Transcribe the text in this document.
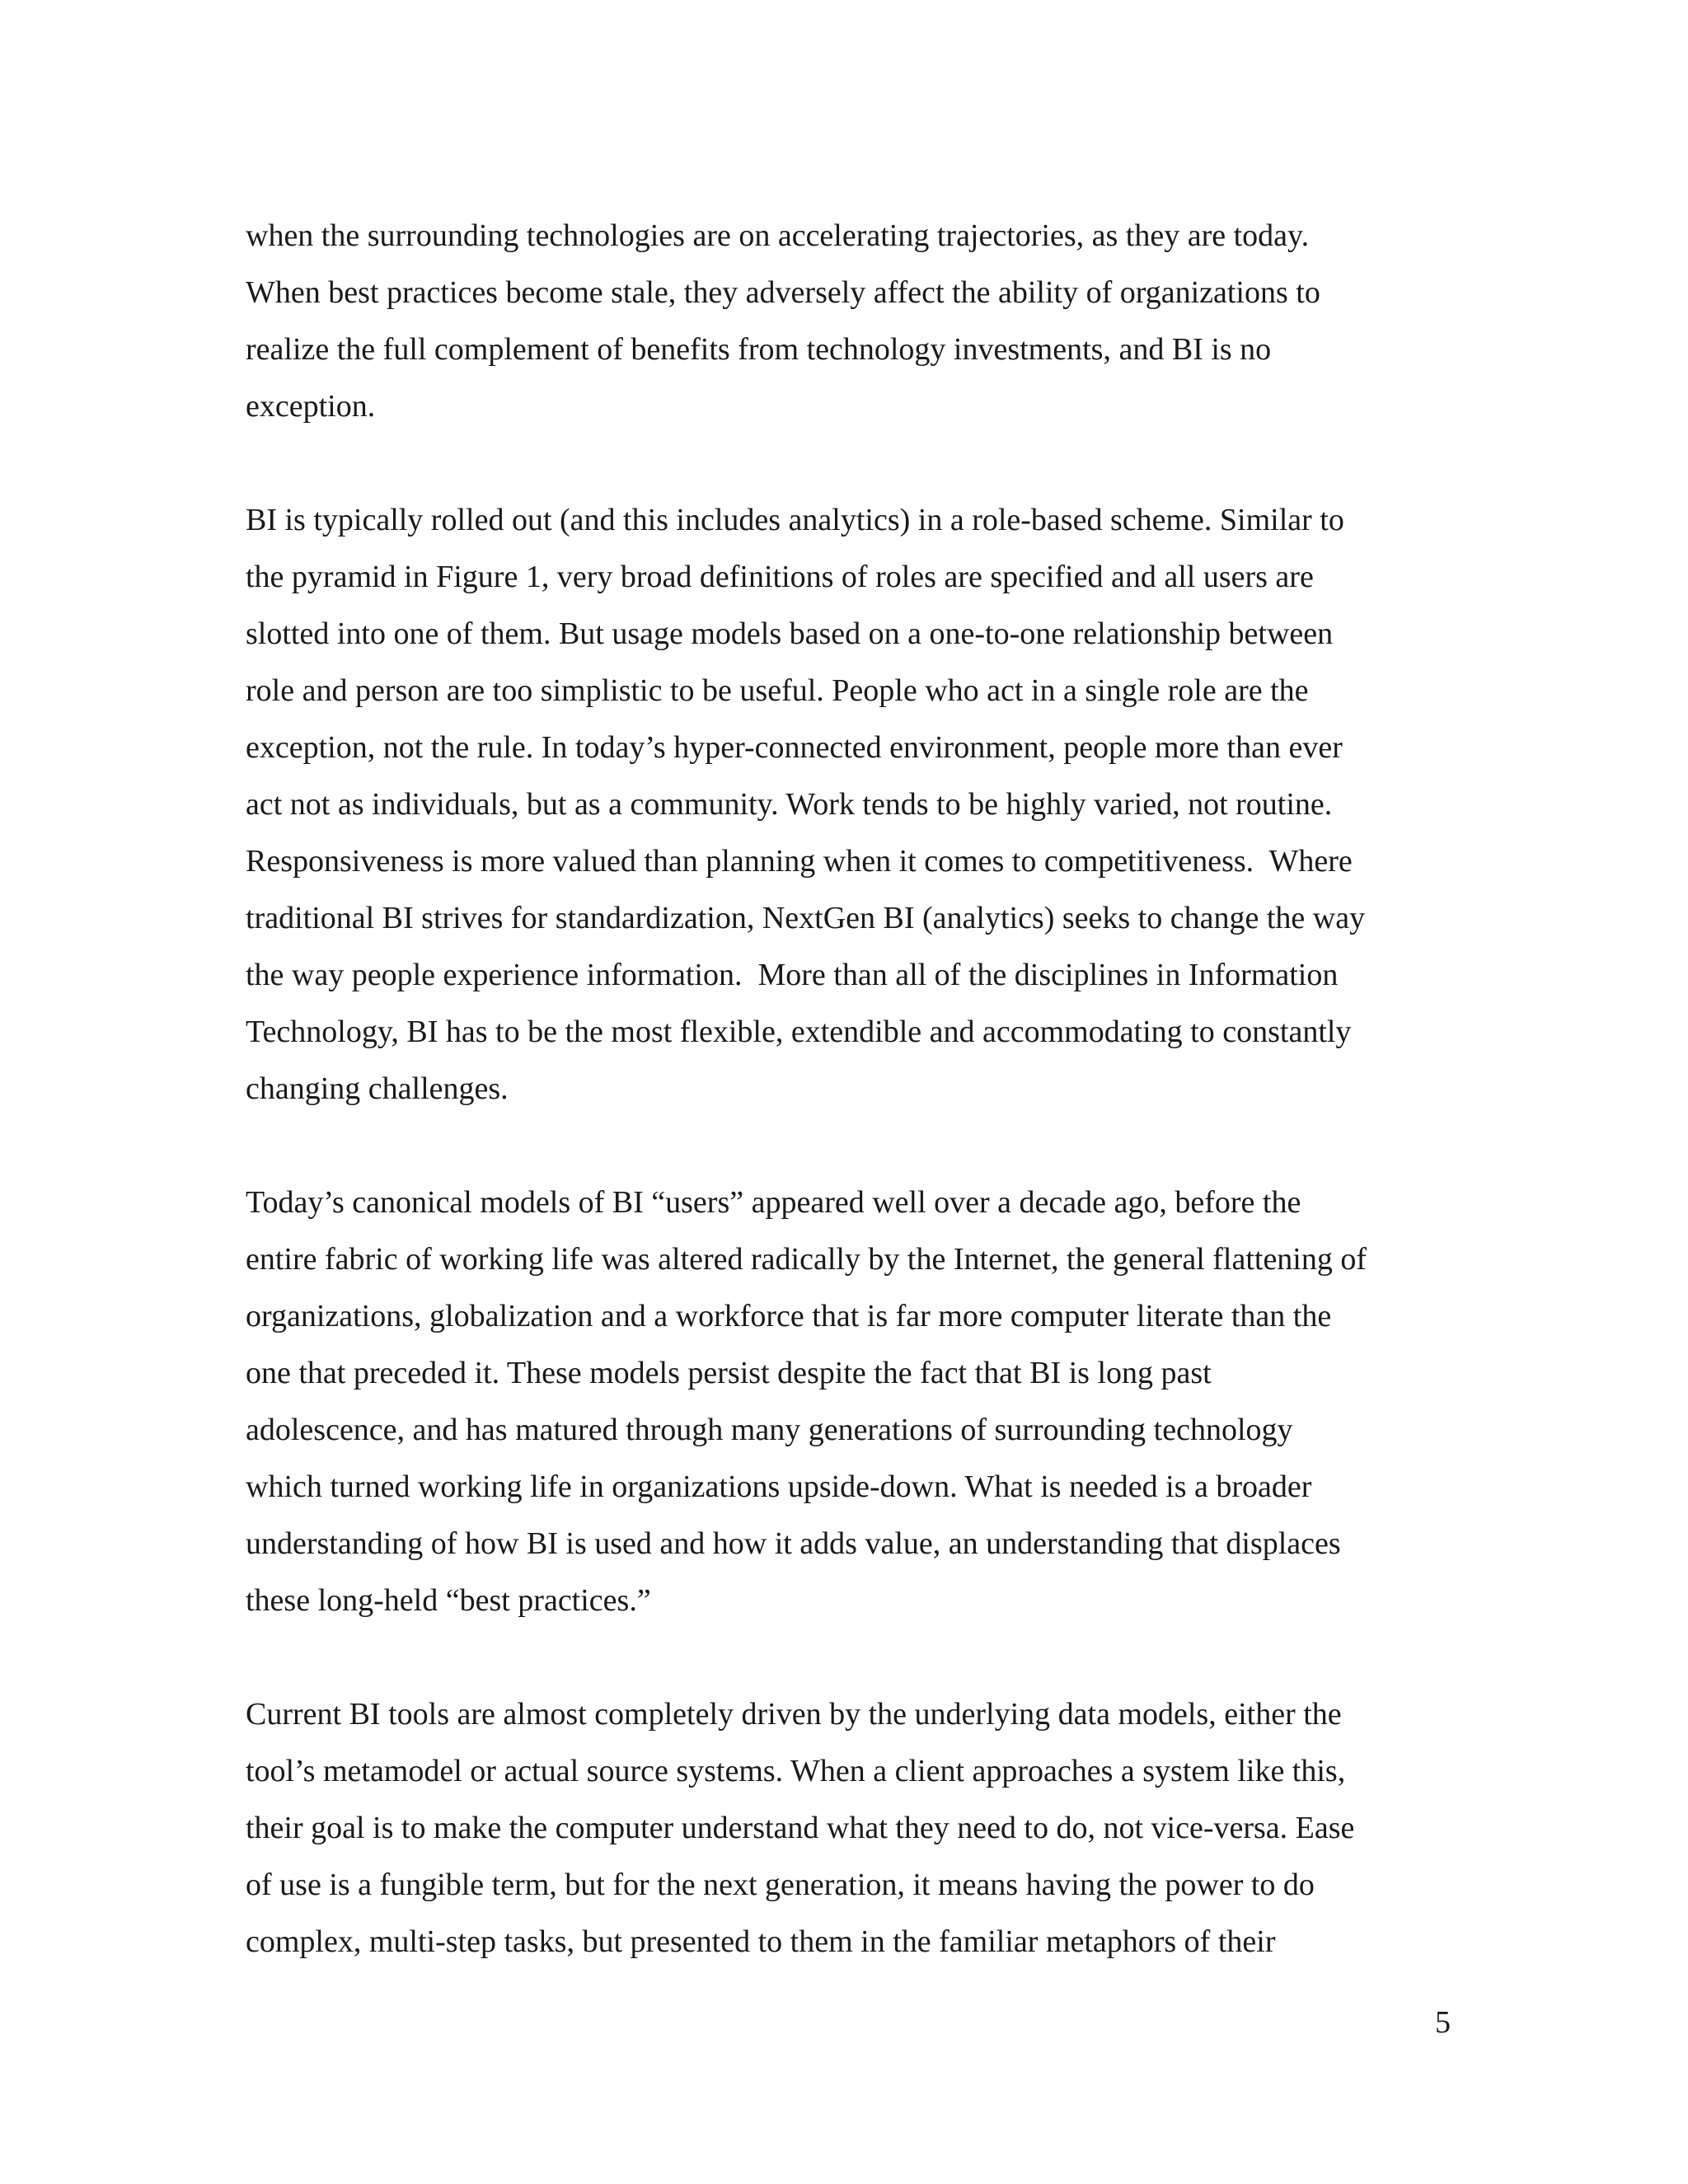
when the surrounding technologies are on accelerating trajectories, as they are today.
When best practices become stale, they adversely affect the ability of organizations to
realize the full complement of benefits from technology investments, and BI is no
exception.

BI is typically rolled out (and this includes analytics) in a role-based scheme. Similar to
the pyramid in Figure 1, very broad definitions of roles are specified and all users are
slotted into one of them. But usage models based on a one-to-one relationship between
role and person are too simplistic to be useful. People who act in a single role are the
exception, not the rule. In today’s hyper-connected environment, people more than ever
act not as individuals, but as a community. Work tends to be highly varied, not routine.
Responsiveness is more valued than planning when it comes to competitiveness.  Where
traditional BI strives for standardization, NextGen BI (analytics) seeks to change the way
the way people experience information.  More than all of the disciplines in Information
Technology, BI has to be the most flexible, extendible and accommodating to constantly
changing challenges.

Today’s canonical models of BI “users” appeared well over a decade ago, before the
entire fabric of working life was altered radically by the Internet, the general flattening of
organizations, globalization and a workforce that is far more computer literate than the
one that preceded it. These models persist despite the fact that BI is long past
adolescence, and has matured through many generations of surrounding technology
which turned working life in organizations upside-down. What is needed is a broader
understanding of how BI is used and how it adds value, an understanding that displaces
these long-held “best practices.”

Current BI tools are almost completely driven by the underlying data models, either the
tool’s metamodel or actual source systems. When a client approaches a system like this,
their goal is to make the computer understand what they need to do, not vice-versa. Ease
of use is a fungible term, but for the next generation, it means having the power to do
complex, multi-step tasks, but presented to them in the familiar metaphors of their

5
